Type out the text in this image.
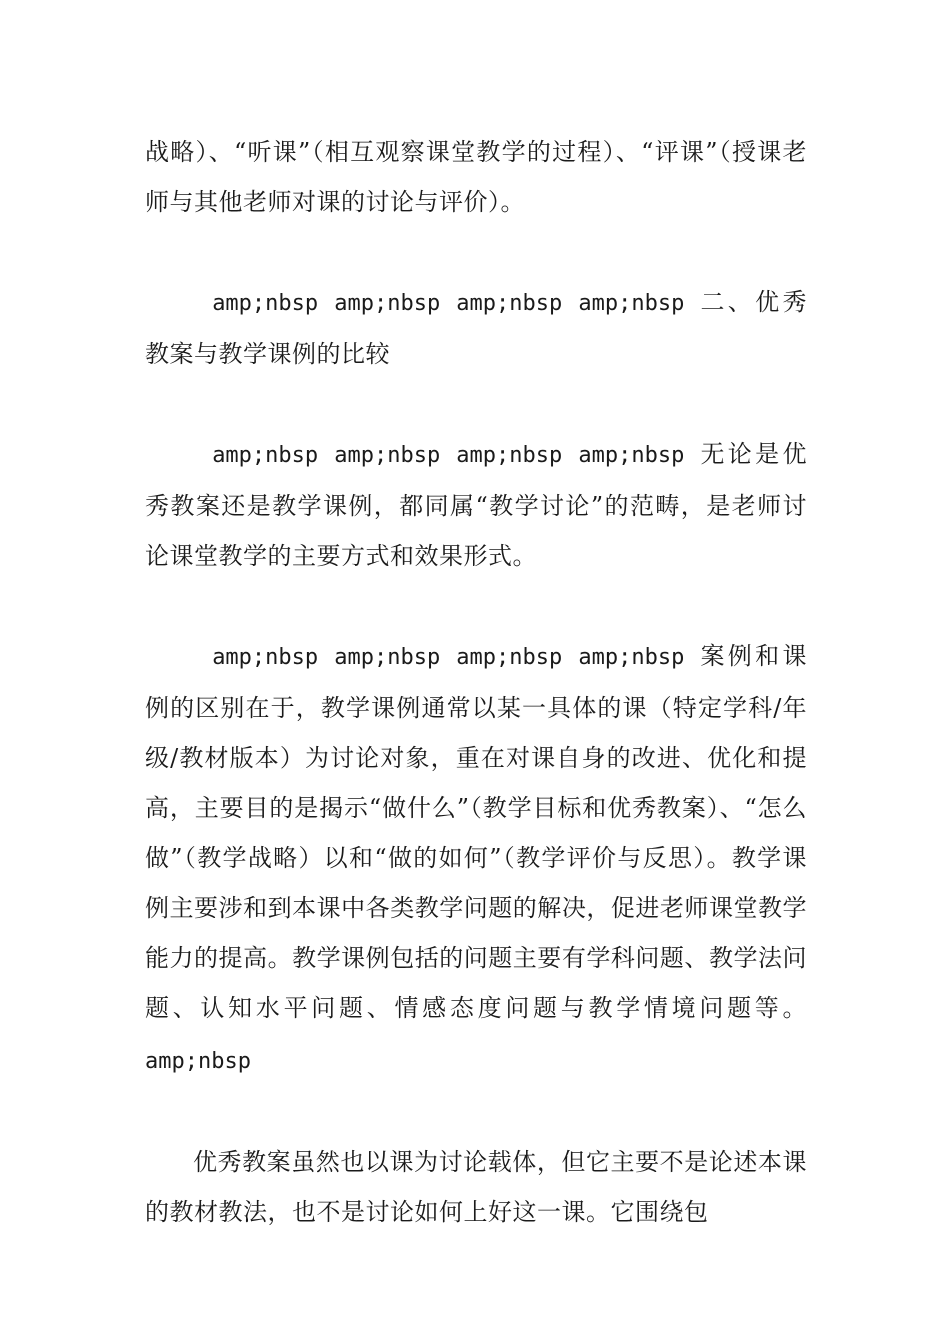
战略）、“听课”（相互观察课堂教学的过程）、“评课”（授课老师与其他老师对课的讨论与评价）。

amp;nbsp amp;nbsp amp;nbsp amp;nbsp 二、优秀教案与教学课例的比较

amp;nbsp amp;nbsp amp;nbsp amp;nbsp 无论是优秀教案还是教学课例，都同属“教学讨论”的范畴，是老师讨论课堂教学的主要方式和效果形式。

amp;nbsp amp;nbsp amp;nbsp amp;nbsp 案例和课例的区别在于，教学课例通常以某一具体的课（特定学科/年级/教材版本）为讨论对象，重在对课自身的改进、优化和提高，主要目的是揭示“做什么”（教学目标和优秀教案）、“怎么做”（教学战略）以和“做的如何”（教学评价与反思）。教学课例主要涉和到本课中各类教学问题的解决，促进老师课堂教学能力的提高。教学课例包括的问题主要有学科问题、教学法问题、认知水平问题、情感态度问题与教学情境问题等。 amp;nbsp

优秀教案虽然也以课为讨论载体，但它主要不是论述本课的教材教法，也不是讨论如何上好这一课。它围绕包
